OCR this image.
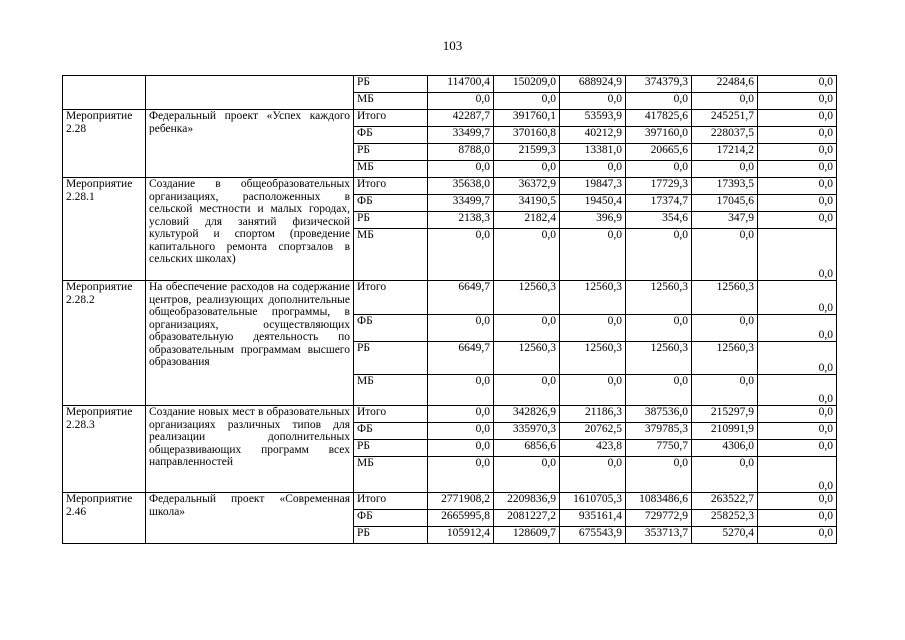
103
		РБ	114700,4	150209,0	688924,9	374379,3	22484,6	0,0
		МБ	0,0	0,0	0,0	0,0	0,0	0,0
Мероприятие 2.28	Федеральный проект «Успех каждого ребенка»	Итого	42287,7	391760,1	53593,9	417825,6	245251,7	0,0
		ФБ	33499,7	370160,8	40212,9	397160,0	228037,5	0,0
		РБ	8788,0	21599,3	13381,0	20665,6	17214,2	0,0
		МБ	0,0	0,0	0,0	0,0	0,0	0,0
Мероприятие 2.28.1	Создание в общеобразовательных организациях, расположенных в сельской местности и малых городах, условий для занятий физической культурой и спортом (проведение капитального ремонта спортзалов в сельских школах)	Итого	35638,0	36372,9	19847,3	17729,3	17393,5	0,0
		ФБ	33499,7	34190,5	19450,4	17374,7	17045,6	0,0
		РБ	2138,3	2182,4	396,9	354,6	347,9	0,0
		МБ	0,0	0,0	0,0	0,0	0,0	0,0
Мероприятие 2.28.2	На обеспечение расходов на содержание центров, реализующих дополнительные общеобразовательные программы, в организациях, осуществляющих образовательную деятельность по образовательным программам высшего образования	Итого	6649,7	12560,3	12560,3	12560,3	12560,3	0,0
		ФБ	0,0	0,0	0,0	0,0	0,0	0,0
		РБ	6649,7	12560,3	12560,3	12560,3	12560,3	0,0
		МБ	0,0	0,0	0,0	0,0	0,0	0,0
Мероприятие 2.28.3	Создание новых мест в образовательных организациях различных типов для реализации дополнительных общеразвивающих программ всех направленностей	Итого	0,0	342826,9	21186,3	387536,0	215297,9	0,0
		ФБ	0,0	335970,3	20762,5	379785,3	210991,9	0,0
		РБ	0,0	6856,6	423,8	7750,7	4306,0	0,0
		МБ	0,0	0,0	0,0	0,0	0,0	0,0
Мероприятие 2.46	Федеральный проект «Современная школа»	Итого	2771908,2	2209836,9	1610705,3	1083486,6	263522,7	0,0
		ФБ	2665995,8	2081227,2	935161,4	729772,9	258252,3	0,0
		РБ	105912,4	128609,7	675543,9	353713,7	5270,4	0,0
